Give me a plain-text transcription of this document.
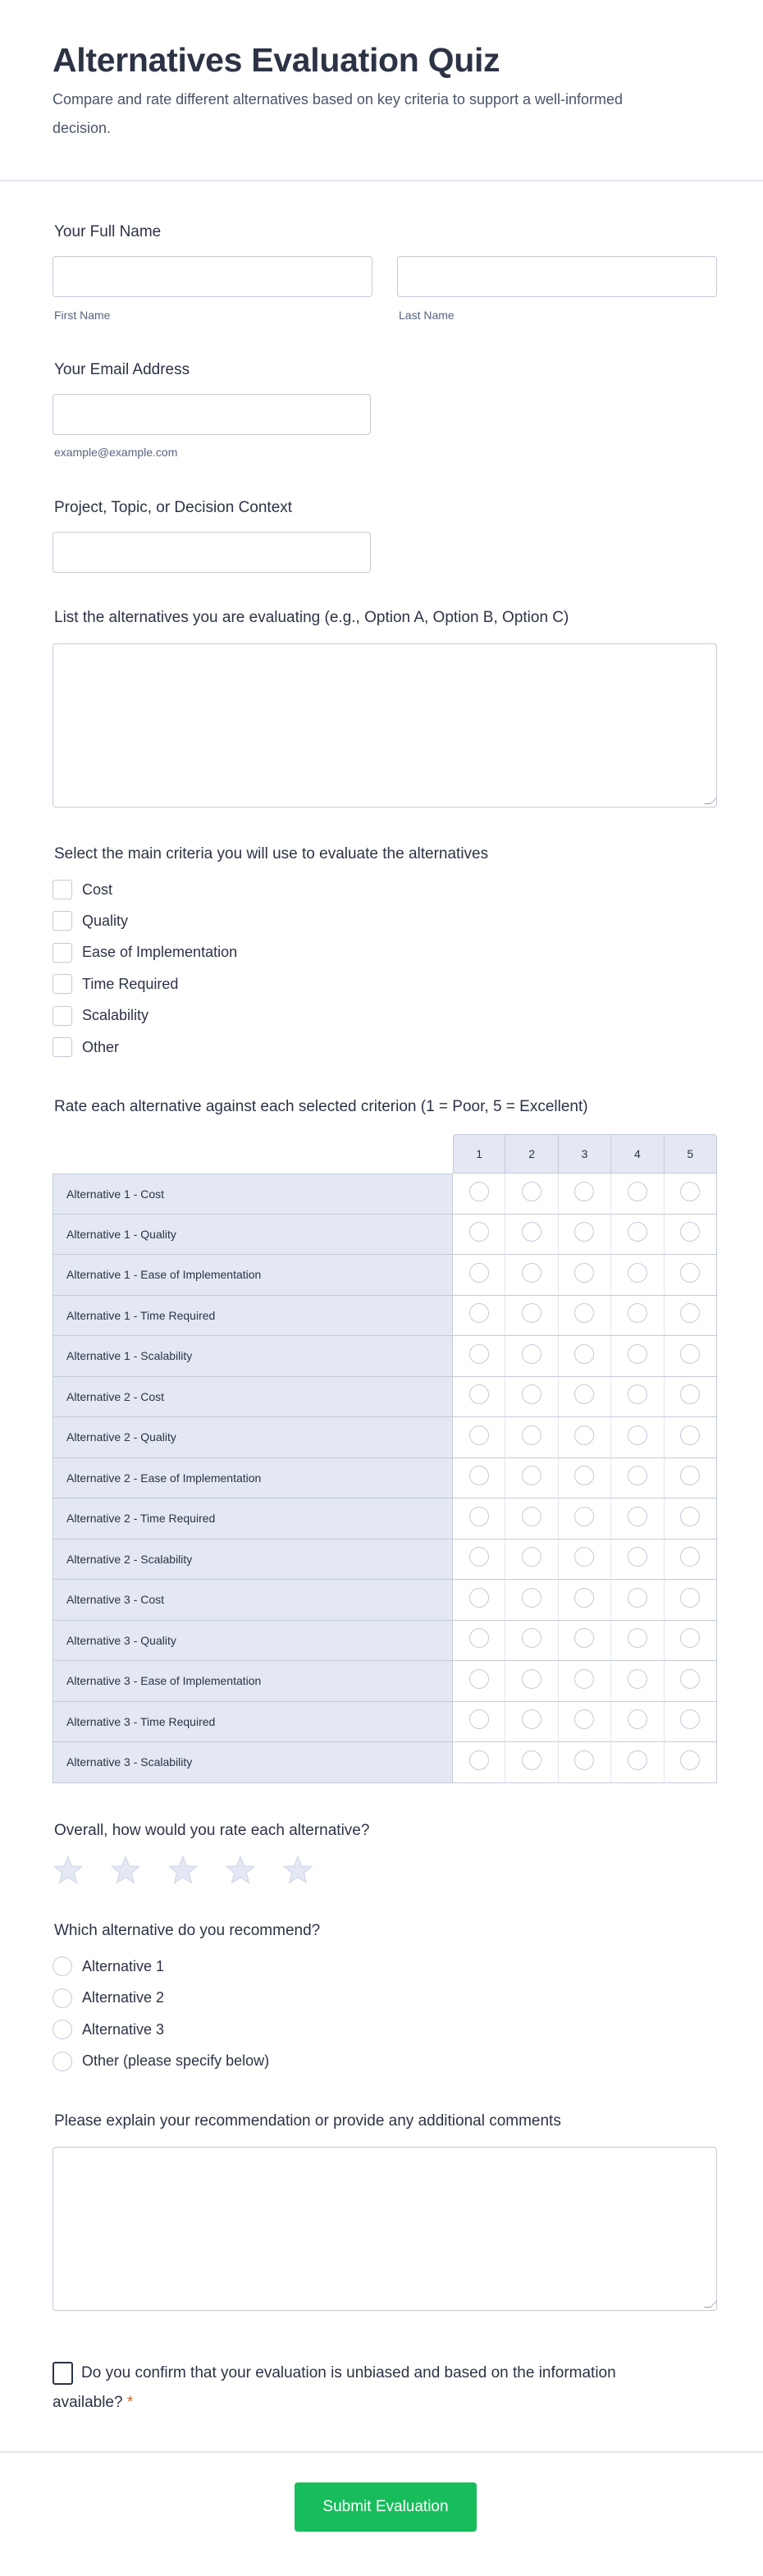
Alternatives Evaluation Quiz

Compare and rate different alternatives based on key criteria to support a well-informed decision.

Your Full Name
First Name	Last Name
Your Email Address
example@example.com
Project, Topic, or Decision Context
List the alternatives you are evaluating (e.g., Option A, Option B, Option C)
Select the main criteria you will use to evaluate the alternatives
Cost
Quality
Ease of Implementation
Time Required
Scalability
Other
Rate each alternative against each selected criterion (1 = Poor, 5 = Excellent)
	1	2	3	4	5
Alternative 1 - Cost					
Alternative 1 - Quality					
Alternative 1 - Ease of Implementation					
Alternative 1 - Time Required					
Alternative 1 - Scalability					
Alternative 2 - Cost					
Alternative 2 - Quality					
Alternative 2 - Ease of Implementation					
Alternative 2 - Time Required					
Alternative 2 - Scalability					
Alternative 3 - Cost					
Alternative 3 - Quality					
Alternative 3 - Ease of Implementation					
Alternative 3 - Time Required					
Alternative 3 - Scalability					
Overall, how would you rate each alternative?
Which alternative do you recommend?
Alternative 1
Alternative 2
Alternative 3
Other (please specify below)
Please explain your recommendation or provide any additional comments
Do you confirm that your evaluation is unbiased and based on the information available? *
Submit Evaluation
